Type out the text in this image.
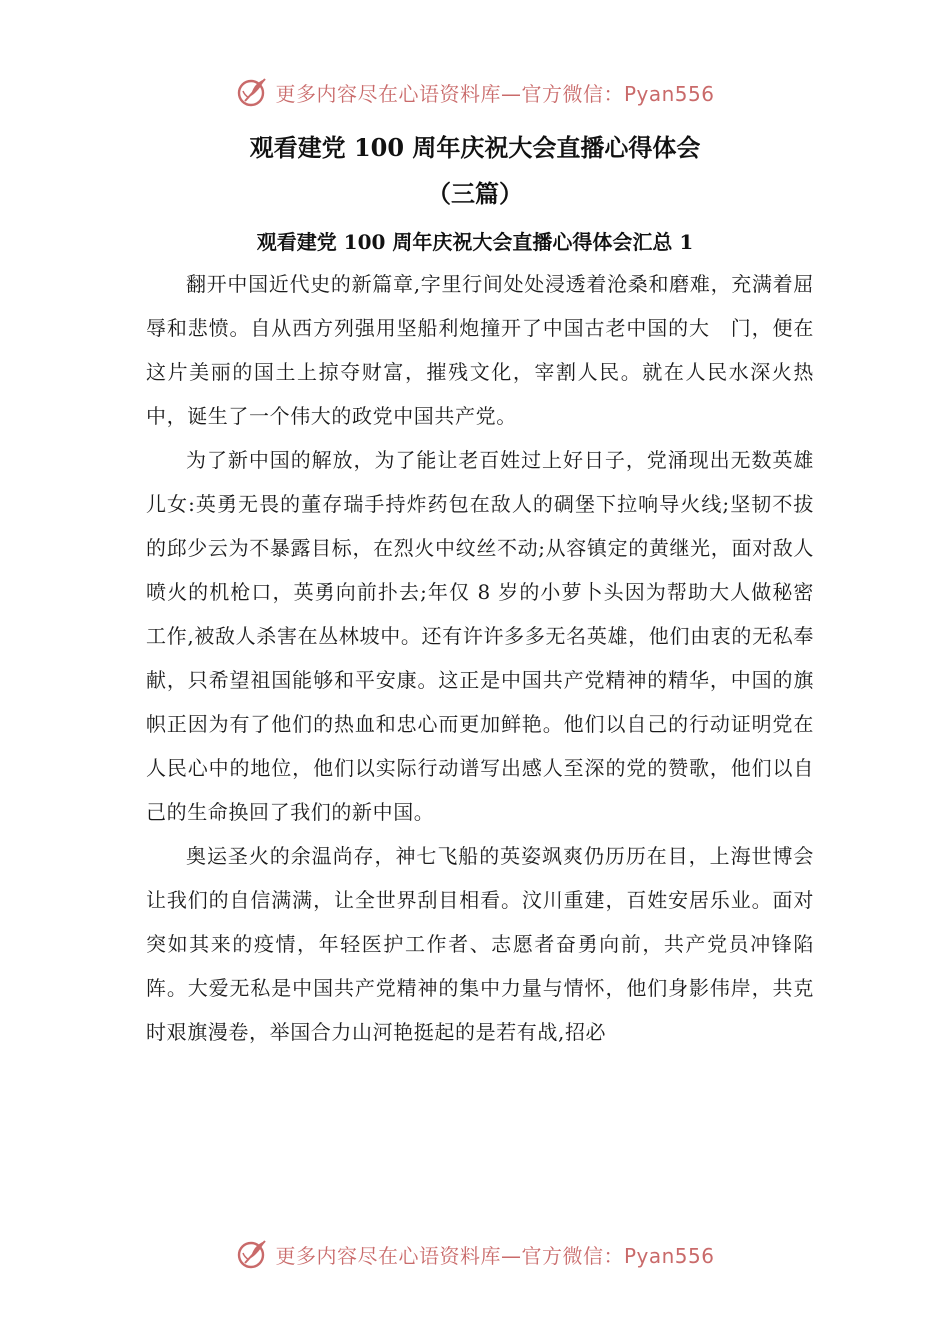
更多内容尽在心语资料库—官方微信：Pyan556
观看建党 100 周年庆祝大会直播心得体会
（三篇）
观看建党 100 周年庆祝大会直播心得体会汇总 1

翻开中国近代史的新篇章,字里行间处处浸透着沧桑和磨难，充满着屈辱和悲愤。自从西方列强用坚船利炮撞开了中国古老中国的大　门，便在这片美丽的国土上掠夺财富，摧残文化，宰割人民。就在人民水深火热中，诞生了一个伟大的政党中国共产党。

为了新中国的解放，为了能让老百姓过上好日子，党涌现出无数英雄儿女:英勇无畏的董存瑞手持炸药包在敌人的碉堡下拉响导火线;坚韧不拔的邱少云为不暴露目标，在烈火中纹丝不动;从容镇定的黄继光，面对敌人喷火的机枪口，英勇向前扑去;年仅 8 岁的小萝卜头因为帮助大人做秘密工作,被敌人杀害在丛林坡中。还有许许多多无名英雄，他们由衷的无私奉献，只希望祖国能够和平安康。这正是中国共产党精神的精华，中国的旗帜正因为有了他们的热血和忠心而更加鲜艳。他们以自己的行动证明党在人民心中的地位，他们以实际行动谱写出感人至深的党的赞歌，他们以自己的生命换回了我们的新中国。

奥运圣火的余温尚存，神七飞船的英姿飒爽仍历历在目，上海世博会让我们的自信满满，让全世界刮目相看。汶川重建，百姓安居乐业。面对突如其来的疫情，年轻医护工作者、志愿者奋勇向前，共产党员冲锋陷阵。大爱无私是中国共产党精神的集中力量与情怀，他们身影伟岸，共克时艰旗漫卷，举国合力山河艳挺起的是若有战,招必

更多内容尽在心语资料库—官方微信：Pyan556
